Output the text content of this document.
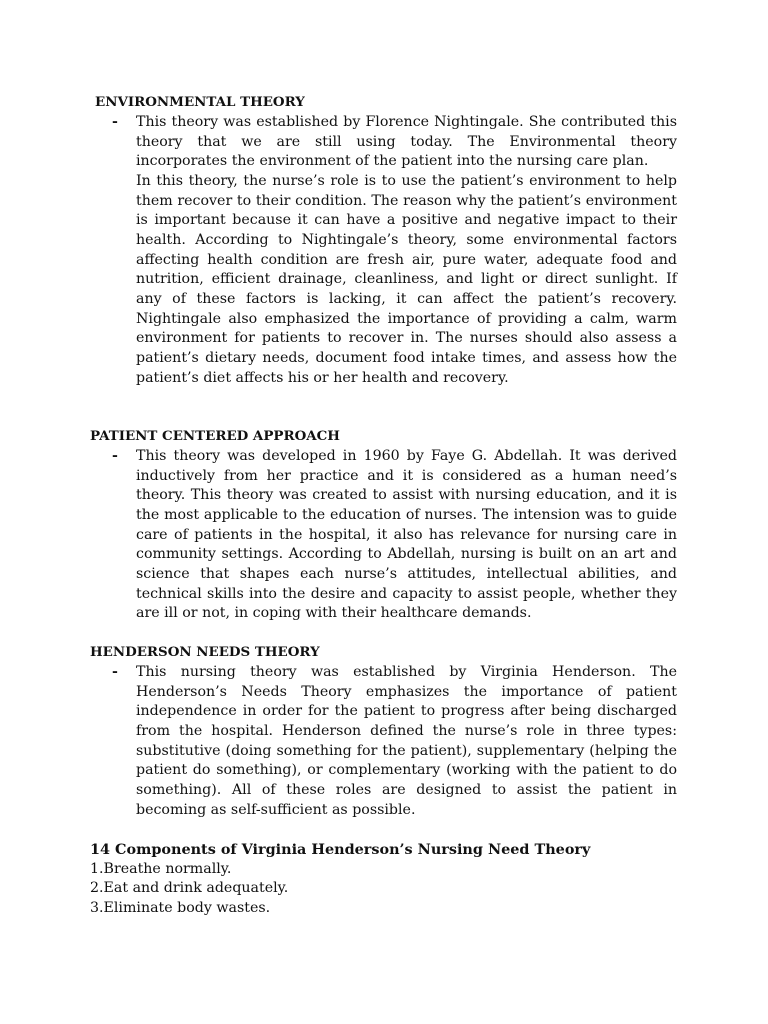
ENVIRONMENTAL THEORY
- This theory was established by Florence Nightingale. She contributed this theory that we are still using today. The Environmental theory incorporates the environment of the patient into the nursing care plan.

In this theory, the nurse’s role is to use the patient’s environment to help them recover to their condition. The reason why the patient’s environment is important because it can have a positive and negative impact to their health. According to Nightingale’s theory, some environmental factors affecting health condition are fresh air, pure water, adequate food and nutrition, efficient drainage, cleanliness, and light or direct sunlight. If any of these factors is lacking, it can affect the patient’s recovery. Nightingale also emphasized the importance of providing a calm, warm environment for patients to recover in. The nurses should also assess a patient’s dietary needs, document food intake times, and assess how the patient’s diet affects his or her health and recovery.

PATIENT CENTERED APPROACH
- This theory was developed in 1960 by Faye G. Abdellah. It was derived inductively from her practice and it is considered as a human need’s theory. This theory was created to assist with nursing education, and it is the most applicable to the education of nurses. The intension was to guide care of patients in the hospital, it also has relevance for nursing care in community settings. According to Abdellah, nursing is built on an art and science that shapes each nurse’s attitudes, intellectual abilities, and technical skills into the desire and capacity to assist people, whether they are ill or not, in coping with their healthcare demands.

HENDERSON NEEDS THEORY
- This nursing theory was established by Virginia Henderson. The Henderson’s Needs Theory emphasizes the importance of patient independence in order for the patient to progress after being discharged from the hospital. Henderson defined the nurse’s role in three types: substitutive (doing something for the patient), supplementary (helping the patient do something), or complementary (working with the patient to do something). All of these roles are designed to assist the patient in becoming as self-sufficient as possible.

14 Components of Virginia Henderson’s Nursing Need Theory
1.Breathe normally.
2.Eat and drink adequately.
3.Eliminate body wastes.
